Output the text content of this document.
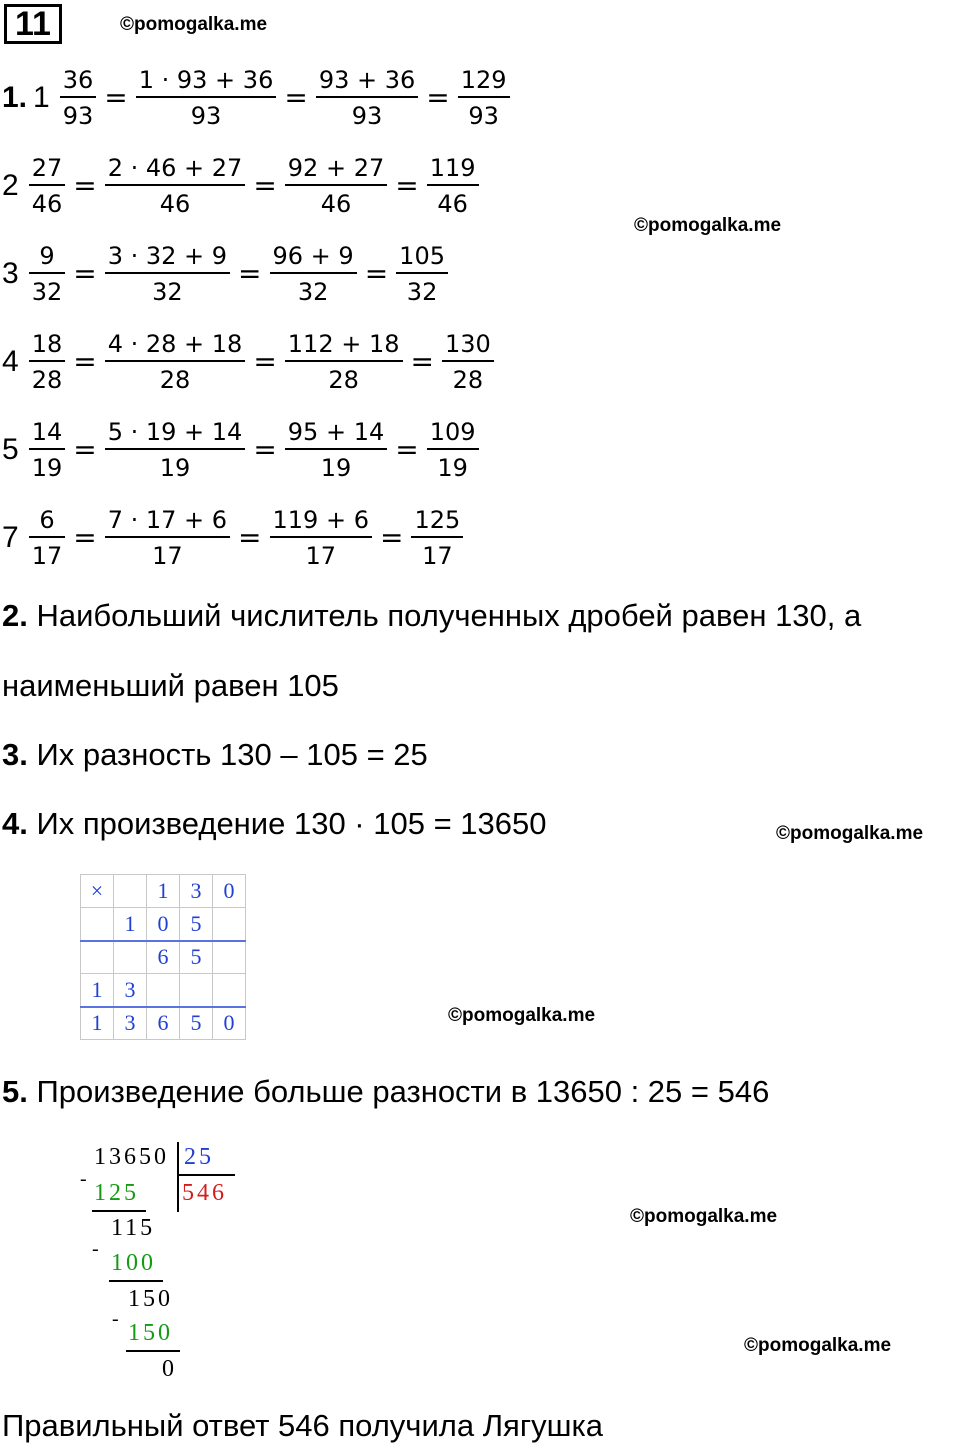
11	©pomogalka.me
©pomogalka.me
©pomogalka.me
©pomogalka.me
©pomogalka.me
©pomogalka.me
1. $1 \frac{36}{93} = \frac{1 \cdot 93 + 36}{93} = \frac{93 + 36}{93} = \frac{129}{93}$
$2 \frac{27}{46} = \frac{2 \cdot 46 + 27}{46} = \frac{92 + 27}{46} = \frac{119}{46}$
$3 \frac{9}{32} = \frac{3 \cdot 32 + 9}{32} = \frac{96 + 9}{32} = \frac{105}{32}$
$4 \frac{18}{28} = \frac{4 \cdot 28 + 18}{28} = \frac{112 + 18}{28} = \frac{130}{28}$
$5 \frac{14}{19} = \frac{5 \cdot 19 + 14}{19} = \frac{95 + 14}{19} = \frac{109}{19}$
$7 \frac{6}{17} = \frac{7 \cdot 17 + 6}{17} = \frac{119 + 6}{17} = \frac{125}{17}$
2. Наибольший числитель полученных дробей равен 130, а
наименьший равен 105
3. Их разность 130 – 105 = 25
4. Их произведение 130 · 105 = 13650
×		1	3	0
	1	0	5	
		6	5	
1	3			
1	3	6	5	0
5. Произведение больше разности в 13650 : 25 = 546
-
13650 25
546
125
115
-
100
150
-
150
0
Правильный ответ 546 получила Лягушка
